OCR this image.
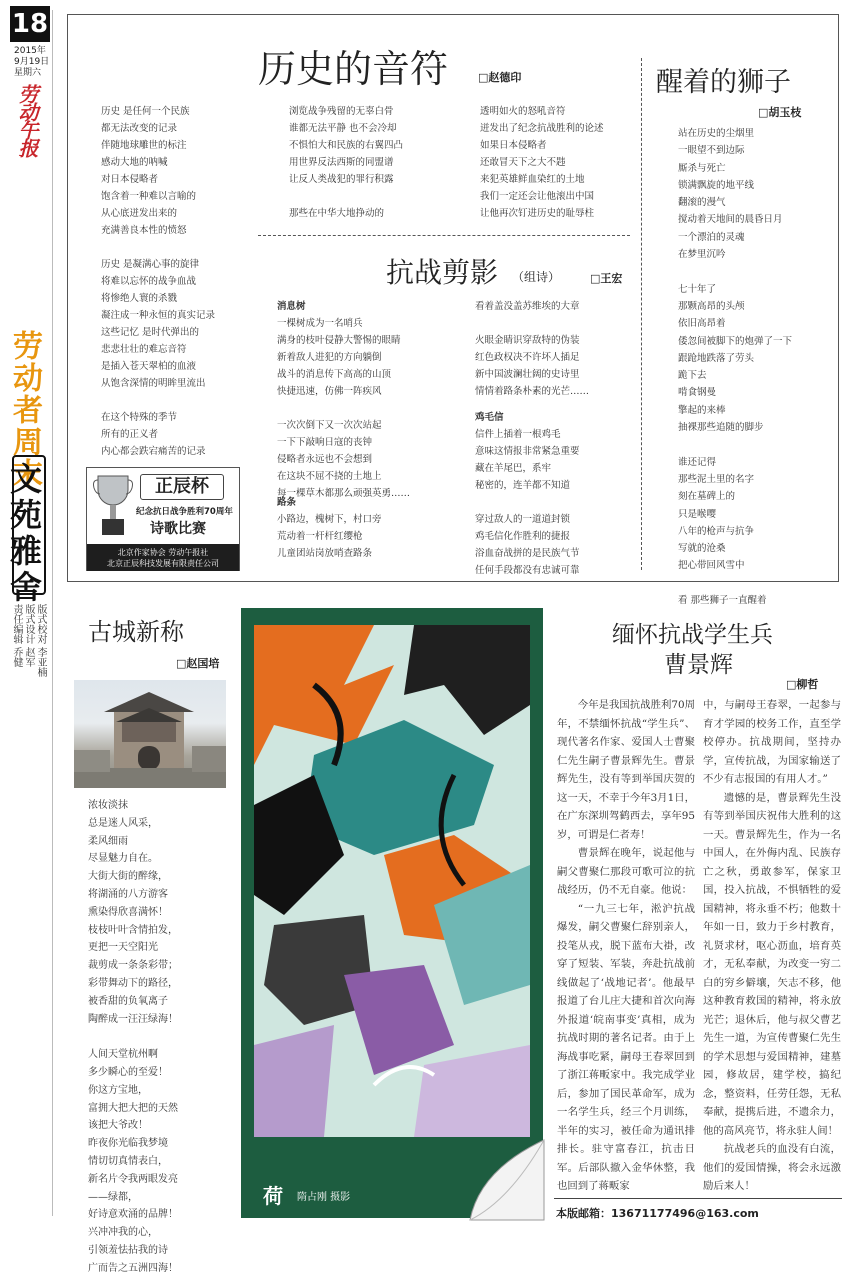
18
2015年
9月19日
星期六
劳动午报
劳动者周末
文苑雅舍
版式校对 李亚楠
版式设计 赵军
责任编辑 乔健
历史的音符	□赵德印
历史 是任何一个民族
都无法改变的记录
伴随地球雕世的标注
感动大地的呐喊
对日本侵略者
饱含着一种难以言喻的
从心底迸发出来的
充满善良本性的愤怒

历史 是凝满心事的旋律
将难以忘怀的战争血战
将惨绝人寰的杀戮
凝注成一种永恒的真实记录
这些记忆 是时代弹出的
悲悲壮壮的难忘音符
是插入苍天翠柏的血液
从饱含深情的明眸里流出

在这个特殊的季节
所有的正义者
内心都会跌宕痛苦的记录
浏览战争残留的无辜白骨
谁都无法平静 也不会冷却
不惧怕大和民族的右翼四凸
用世界反法西斯的同盟谱
让反人类战犯的罪行积露

那些在中华大地挣动的
透明如火的怒吼音符
迸发出了纪念抗战胜利的论述
如果日本侵略者
还敢冒天下之大不韪
来犯英雄鲜血染红的土地
我们一定还会让他滚出中国
让他再次钉进历史的耻辱柱
醒着的狮子
□胡玉枝
站在历史的尘烟里
一眼望不到边际
厮杀与死亡
锁满飘旋的地平线
翻滚的漫气
搅动着天地间的晨昏日月
一个漂泊的灵魂
在梦里沉吟

七十年了
那颗高昂的头颅
依旧高昂着
倭忽间被脚下的炮弹了一下
跟跄地跌落了劳头
跪下去
啃食钢曼
擎起的来棒
抽裸那些追随的脚步

谁还记得
那些泥土里的名字
刻在墓碑上的
只是喉嘤
八年的枪声与抗争
写就的沧桑
把心带回风雪中

看 那些狮子一直醒着
抗战剪影 （组诗）	□王宏
消息树
一棵树成为一名哨兵
满身的枝叶侵静大警惕的眼睛
新着敌人进犯的方向躺倒
战斗的消息传下高高的山顶
快捷迅速，仿佛一阵疾风

一次次倒下又一次次站起
一下下敲响日寇的丧钟
侵略者永远也不会想到
在这块不屈不挠的土地上
每一棵草木都那么顽强英勇……
路条
小路边，槐树下，村口旁
荒动着一杆杆红缨枪
儿童团站岗放哨查路条
看着盖没盖苏维埃的大章

火眼金睛识穿敌特的伪装
红色政权决不许坏人插足
新中国波澜壮阔的史诗里
情情着路条朴素的光芒……
鸡毛信
信件上插着一根鸡毛
意味这情报非常紧急重要
藏在羊尾巴，系牢
秘密的，连羊都不知道

穿过敌人的一道道封锁
鸡毛信化作胜利的捷报
浴血奋战拼的是民族气节
任何手段都没有忠诚可靠
正辰杯
纪念抗日战争胜利70周年
诗歌比赛
北京作家协会 劳动午报社
北京正辰科技发展有限责任公司
古城新称
□赵国培
浓妆淡抹
总是迷人风采，
柔风细雨
尽显魅力自在。
大街大街的醉缘，
将湖涌的八方游客
熏染得欣喜满怀！
枝枝叶叶含情拍发，
更把一天空阳光
裁剪成一条条彩带；
彩带舞动下的路径，
被香甜的负氧离子
陶醉成一汪汪绿海！

人间天堂杭州啊
多少瞬心的至爱！
你这方宝地，
富拥大把大把的天然
该把大爷改！
昨夜你光临我梦境
情切切真情表白，
新名片令我两眼发亮
——绿都，
好诗意欢涌的品牌！
兴冲冲我的心，
引领羞怯拈我的诗
广而告之五洲四海！
荷 隋占刚 摄影
缅怀抗战学生兵
曹景辉
□柳哲

今年是我国抗战胜利70周年，不禁缅怀抗战“学生兵”、现代著名作家、爱国人士曹聚仁先生嗣子曹景辉先生。曹景辉先生，没有等到举国庆贺的这一天，不幸于今年3月1日，在广东深圳驾鹤西去，享年95岁，可谓是仁者寿！

曹景辉在晚年，说起他与嗣父曹聚仁那段可歌可泣的抗战经历，仍不无自豪。他说：

“一九三七年，淞沪抗战爆发，嗣父曹聚仁辞别亲人，投笔从戎，脱下蓝布大褂，改穿了短装、军装，奔赴抗战前线做起了‘战地记者’。他最早报道了台儿庄大捷和首次向海外报道‘皖南事变’真相，成为抗战时期的著名记者。由于上海战事吃紧，嗣母王春翠回到了浙江蒋畈家中。我完成学业后，参加了国民革命军，成为一名学生兵，经三个月训练，半年的实习，被任命为通讯排排长。驻守富春江，抗击日军。后部队撤入金华休整，我也回到了蒋畈家

中，与嗣母王春翠，一起参与育才学园的校务工作，直至学校停办。抗战期间，坚持办学，宣传抗战，为国家输送了不少有志报国的有用人才。”

遗憾的是，曹景辉先生没有等到举国庆祝伟大胜利的这一天。曹景辉先生，作为一名中国人，在外侮内乱、民族存亡之秋，勇敢参军，保家卫国，投入抗战，不惧牺牲的爱国精神，将永垂不朽；他数十年如一日，致力于乡村教育，礼贤求材，呕心沥血，培育英才，无私奉献，为改变一穷二白的穷乡僻壤，矢志不移，他这种教育救国的精神，将永放光芒；退休后，他与叔父曹艺先生一道，为宣传曹聚仁先生的学术思想与爱国精神，建墓园，修故居，建学校，搞纪念，整资料，任劳任怨，无私奉献，提携后进，不遗余力，他的高风亮节，将永驻人间！

抗战老兵的血没有白流，他们的爱国情操，将会永远激励后来人！

本版邮箱：13671177496@163.com
